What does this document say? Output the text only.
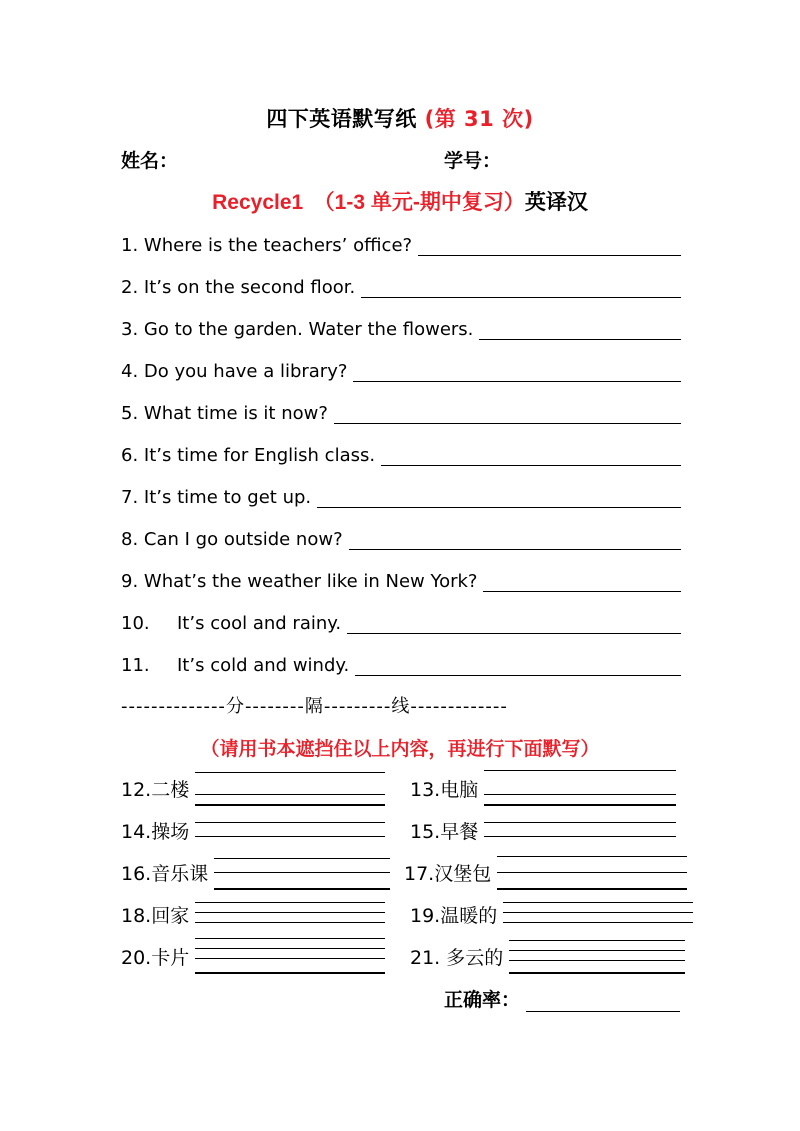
四下英语默写纸 (第 31 次)
姓名：	学号：
Recycle1　（1-3 单元-期中复习）英译汉
1. Where is the teachers’ office?
2. It’s on the second floor.
3. Go to the garden. Water the flowers.
4. Do you have a library?
5. What time is it now?
6. It’s time for English class.
7. It’s time to get up.
8. Can I go outside now?
9. What’s the weather like in New York?
10. It’s cool and rainy.
11. It’s cold and windy.
--------------分--------隔---------线-------------
（请用书本遮挡住以上内容，再进行下面默写）
12.二楼	13.电脑
14.操场	15.早餐
16.音乐课	17.汉堡包
18.回家	19.温暖的
20.卡片	21. 多云的
正确率：
